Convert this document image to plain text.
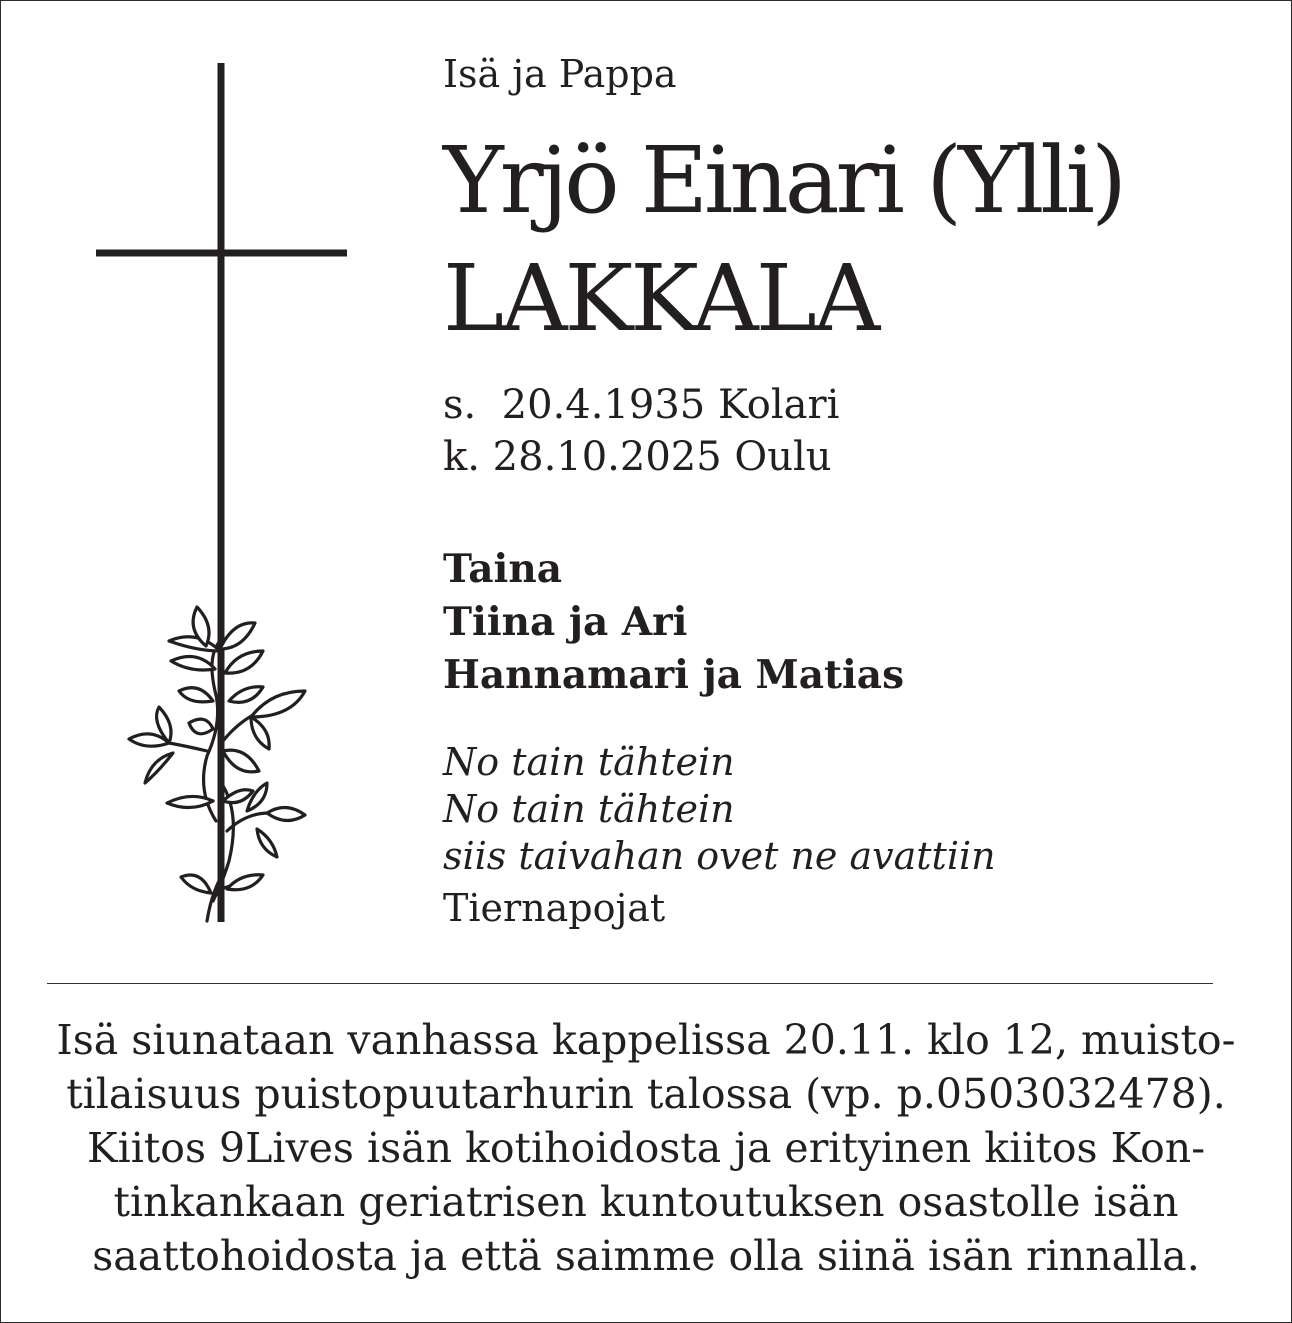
Isä ja Pappa
Yrjö Einari (Ylli)
LAKKALA
s.  20.4.1935 Kolari
k. 28.10.2025 Oulu
Taina
Tiina ja Ari
Hannamari ja Matias
No tain tähtein
No tain tähtein
siis taivahan ovet ne avattiin
Tiernapojat
Isä siunataan vanhassa kappelissa 20.11. klo 12, muisto-
tilaisuus puistopuutarhurin talossa (vp. p.0503032478).
Kiitos 9Lives isän kotihoidosta ja erityinen kiitos Kon-
tinkankaan geriatrisen kuntoutuksen osastolle isän
saattohoidosta ja että saimme olla siinä isän rinnalla.
